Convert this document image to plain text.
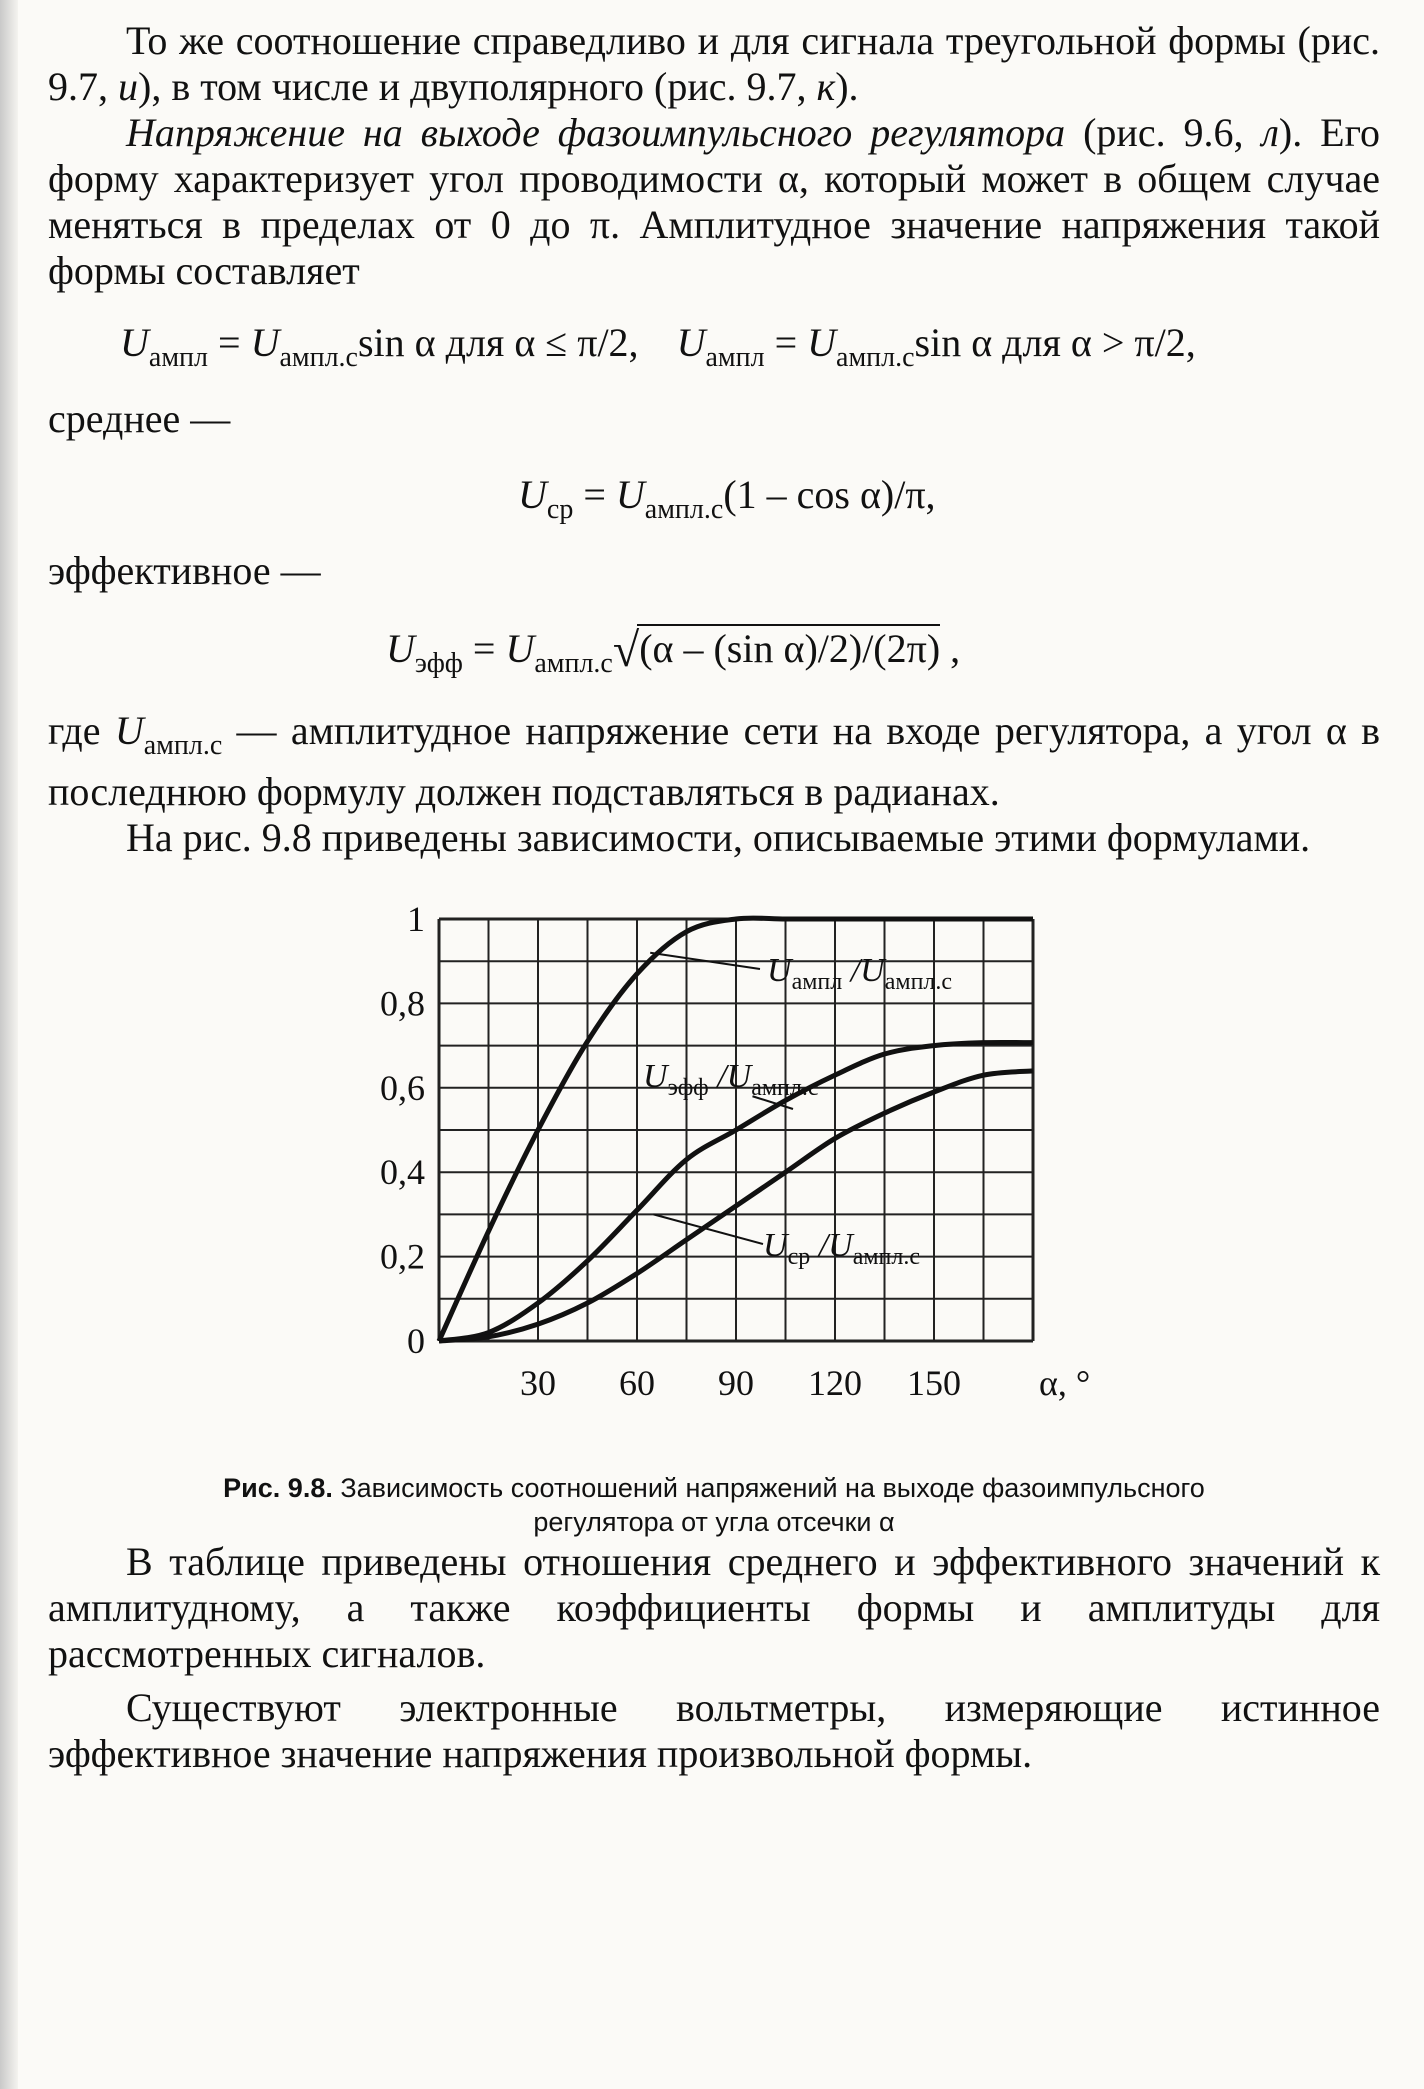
То же соотношение справедливо и для сигнала треугольной формы (рис. 9.7, и), в том числе и двуполярного (рис. 9.7, к).

Напряжение на выходе фазоимпульсного регулятора (рис. 9.6, л). Его форму характеризует угол проводимости α, который может в общем случае меняться в пределах от 0 до π. Амплитудное значение напряжения такой формы составляет

$U_{ампл} = U_{ампл.с}\sin$ α для α ≤ π/2, $U_{ампл} = U_{ампл.с}\sin$ α для α > π/2,
среднее —
$U_{ср} = U_{ампл.с}(1 - \cos \alpha)/\pi$,
эффективное —
$U_{эфф} = U_{ампл.с}√(\alpha - (\sin$ α)/2)/(2π) ,

где $U_{ампл.с}$ — амплитудное напряжение сети на входе регулятора, а угол α в последнюю формулу должен подставляться в радианах.

На рис. 9.8 приведены зависимости, описываемые этими формулами.

0
0,2
0,4
0,6
0,8
1
30 60 90 120 150 α, °
$U_{ампл}$ $/U_{ампл.с}$
$U_{эфф}$ $/U_{ампл.с}$
$U_{ср}$ $/U_{ампл.с}$
Рис. 9.8. Зависимость соотношений напряжений на выходе фазоимпульсного
регулятора от угла отсечки α

В таблице приведены отношения среднего и эффективного значений к амплитудному, а также коэффициенты формы и амплитуды для рассмотренных сигналов.

Существуют электронные вольтметры, измеряющие истинное эффективное значение напряжения произвольной формы.
